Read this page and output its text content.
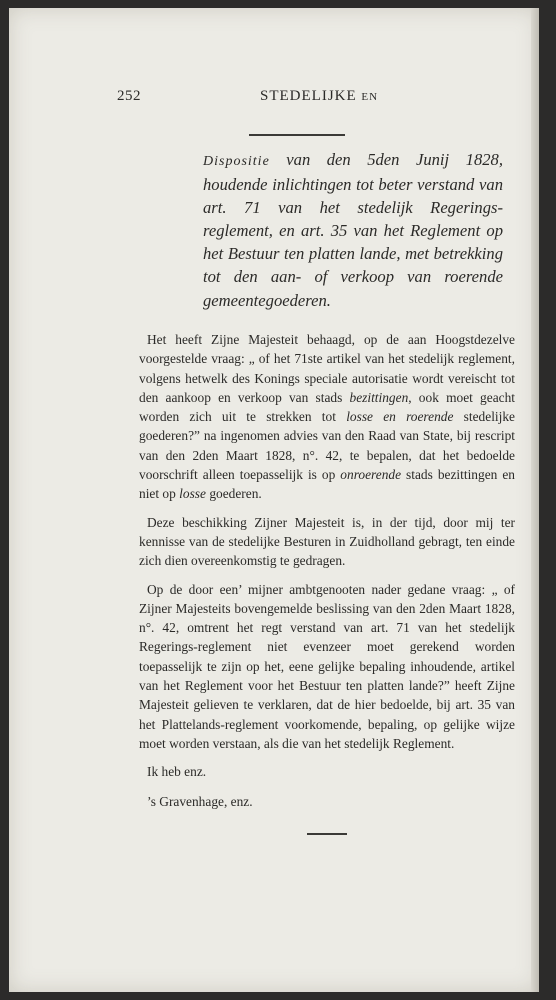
252	STEDELIJKE EN
Dispositie van den 5den Junij 1828, houdende inlichtingen tot beter verstand van art. 71 van het stedelijk Regerings-reglement, en art. 35 van het Reglement op het Bestuur ten platten lande, met betrekking tot den aan- of verkoop van roerende gemeentegoederen.

Het heeft Zijne Majesteit behaagd, op de aan Hoogstdezelve voorgestelde vraag: „ of het 71ste artikel van het stedelijk reglement, volgens hetwelk des Konings speciale autorisatie wordt vereischt tot den aankoop en verkoop van stads bezittingen, ook moet geacht worden zich uit te strekken tot losse en roerende stedelijke goederen?” na ingenomen advies van den Raad van State, bij rescript van den 2den Maart 1828, n°. 42, te bepalen, dat het bedoelde voorschrift alleen toepasselijk is op onroerende stads bezittingen en niet op losse goederen.

Deze beschikking Zijner Majesteit is, in der tijd, door mij ter kennisse van de stedelijke Besturen in Zuidholland gebragt, ten einde zich dien overeenkomstig te gedragen.

Op de door een’ mijner ambtgenooten nader gedane vraag: „ of Zijner Majesteits bovengemelde beslissing van den 2den Maart 1828, n°. 42, omtrent het regt verstand van art. 71 van het stedelijk Regerings-reglement niet evenzeer moet gerekend worden toepasselijk te zijn op het, eene gelijke bepaling inhoudende, artikel van het Reglement voor het Bestuur ten platten lande?” heeft Zijne Majesteit gelieven te verklaren, dat de hier bedoelde, bij art. 35 van het Plattelands-reglement voorkomende, bepaling, op gelijke wijze moet worden verstaan, als die van het stedelijk Reglement.

Ik heb enz.

’s Gravenhage, enz.
